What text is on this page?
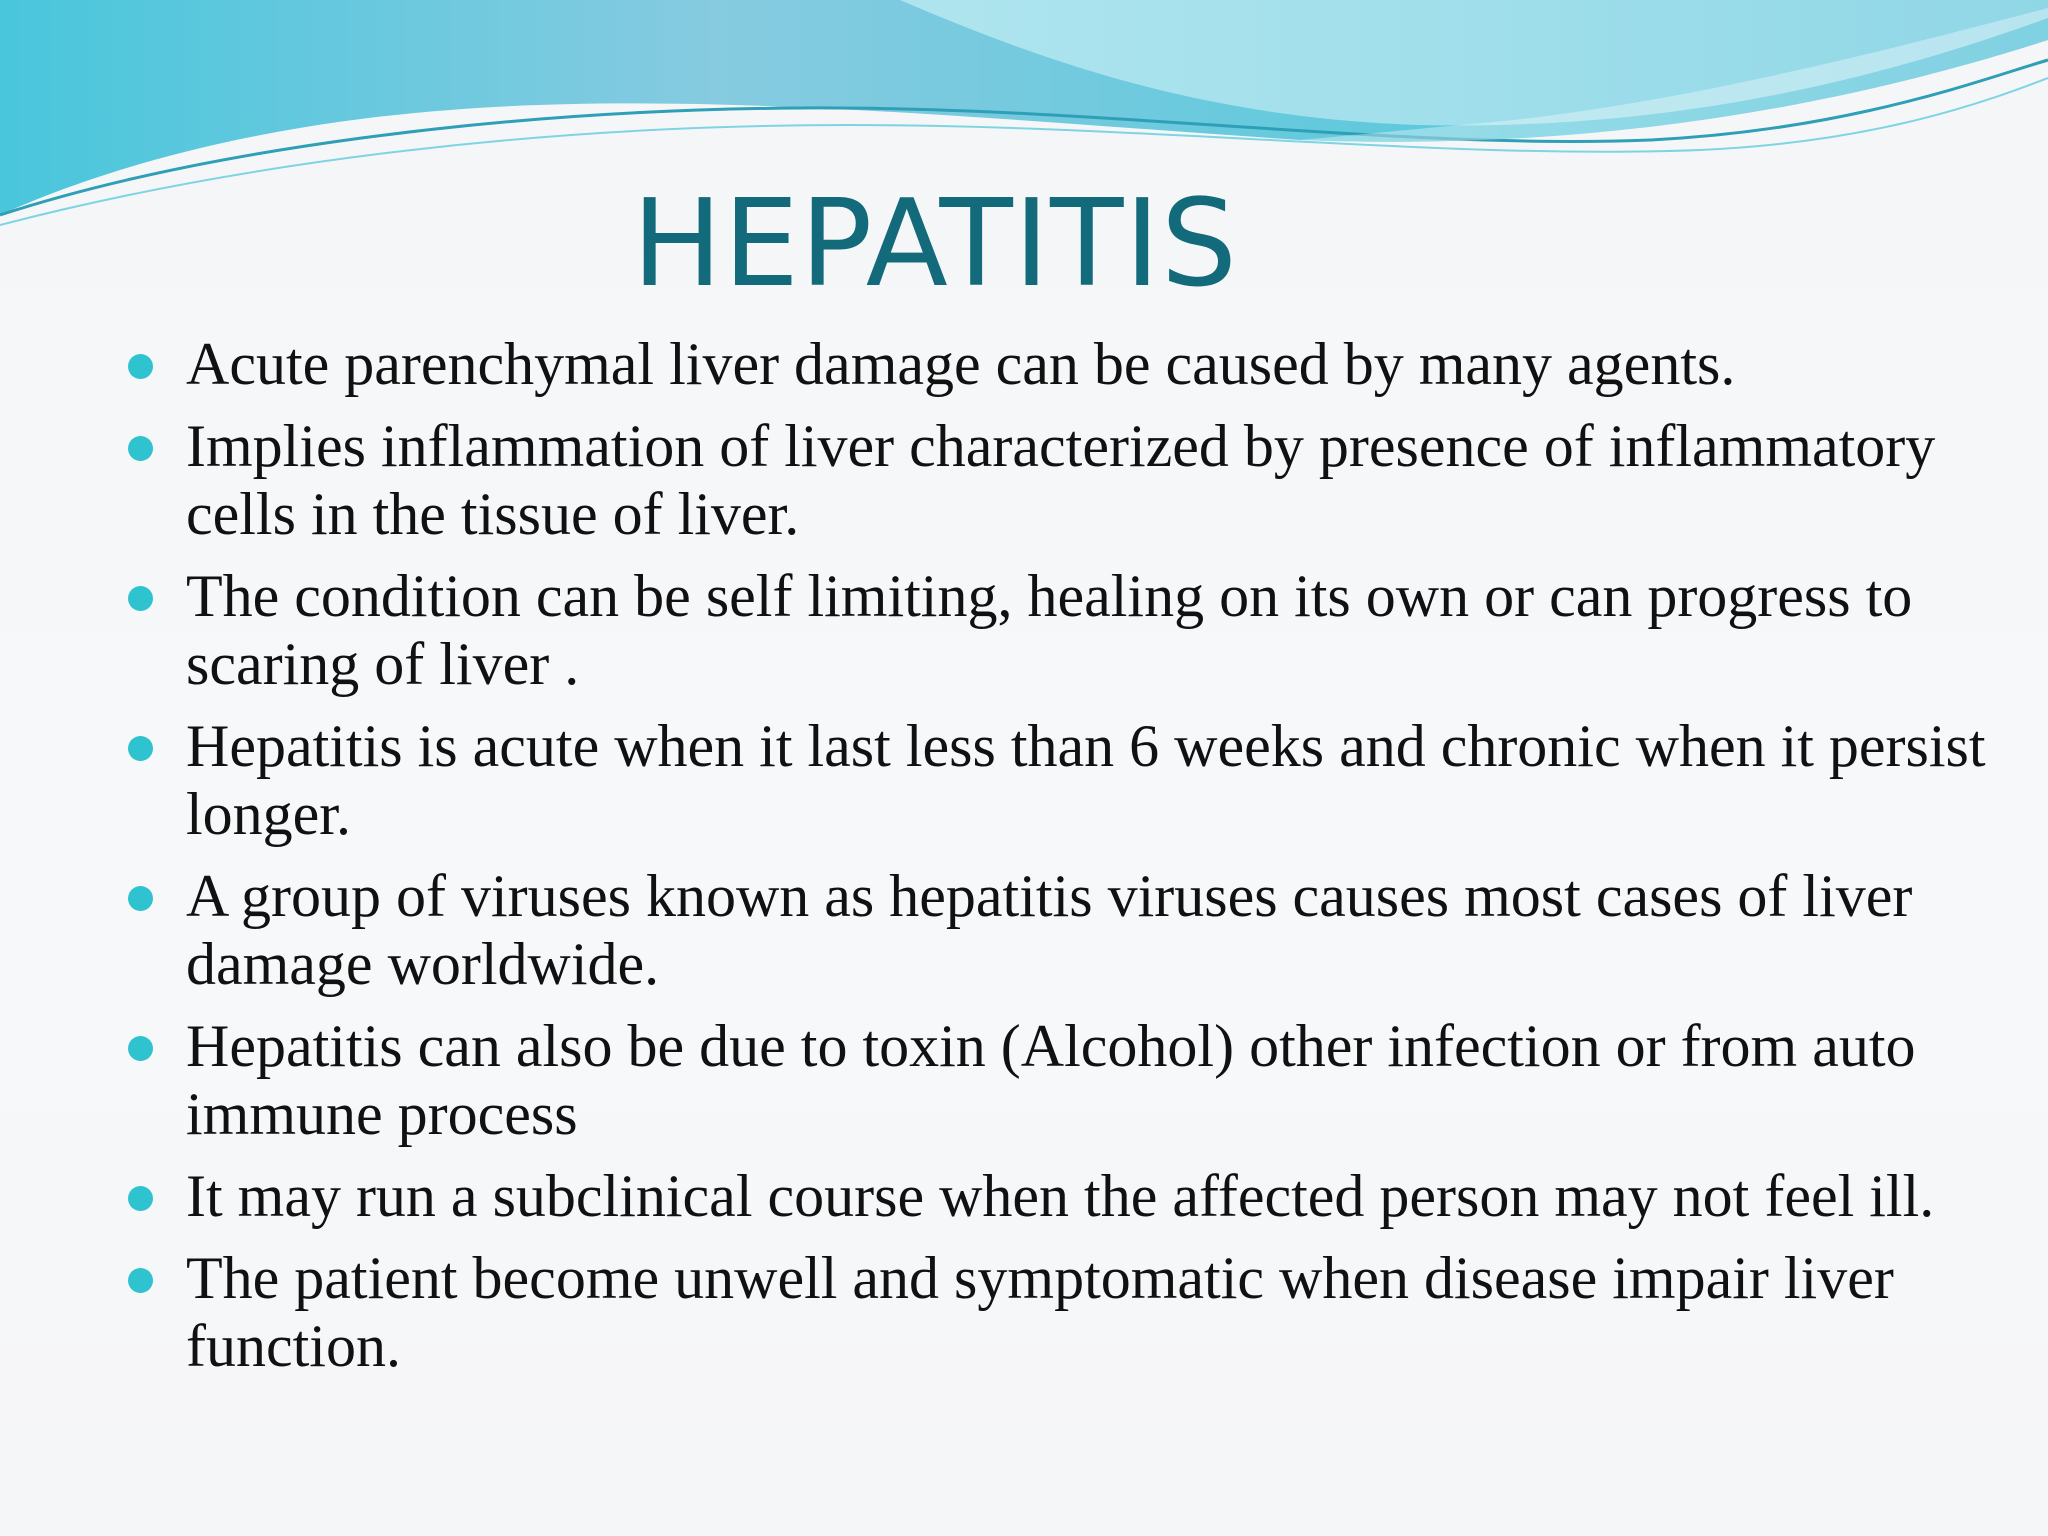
HEPATITIS
Acute parenchymal liver damage can be caused by many agents.
Implies inflammation of liver characterized by presence of inflammatory cells in the tissue of liver.
The condition can be self limiting, healing on its own or can progress to scaring of liver .
Hepatitis is acute when it last less than 6 weeks and chronic when it persist longer.
A group of viruses known as hepatitis viruses causes most cases of liver damage worldwide.
Hepatitis can also be due to toxin (Alcohol) other infection or from auto immune process
It may run a subclinical course when the affected person may not feel ill.
The patient become unwell and symptomatic when disease impair liver function.
